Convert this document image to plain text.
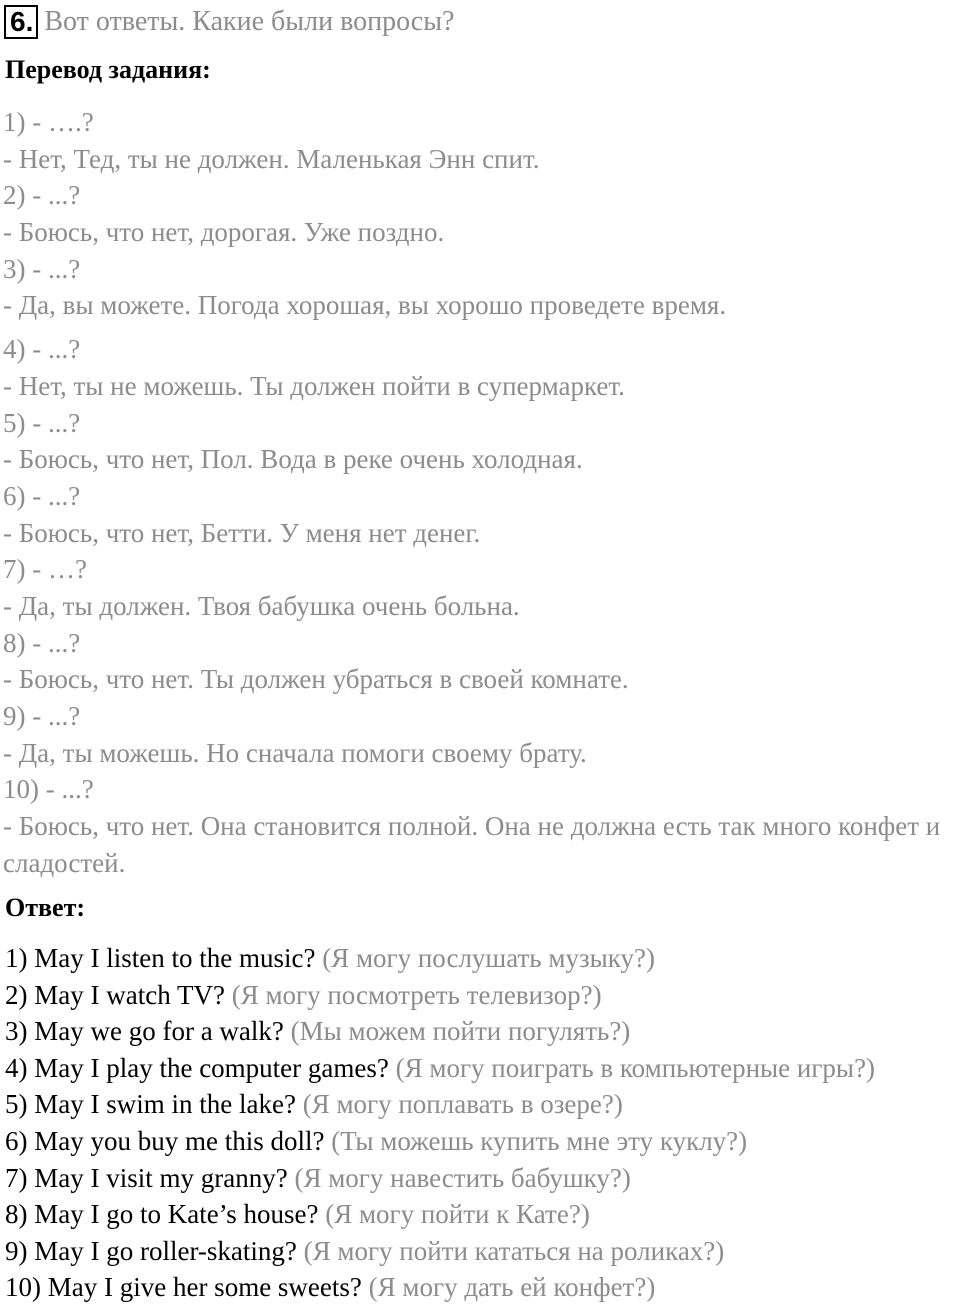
6. Вот ответы. Какие были вопросы?
Перевод задания:
1) - ….?
- Нет, Тед, ты не должен. Маленькая Энн спит.
2) - ...?
- Боюсь, что нет, дорогая. Уже поздно.
3) - ...?
- Да, вы можете. Погода хорошая, вы хорошо проведете время.
4) - ...?
- Нет, ты не можешь. Ты должен пойти в супермаркет.
5) - ...?
- Боюсь, что нет, Пол. Вода в реке очень холодная.
6) - ...?
- Боюсь, что нет, Бетти. У меня нет денег.
7) - …?
- Да, ты должен. Твоя бабушка очень больна.
8) - ...?
- Боюсь, что нет. Ты должен убраться в своей комнате.
9) - ...?
- Да, ты можешь. Но сначала помоги своему брату.
10) - ...?
- Боюсь, что нет. Она становится полной. Она не должна есть так много конфет и сладостей.
Ответ:
1) May I listen to the music? (Я могу послушать музыку?)
2) May I watch TV? (Я могу посмотреть телевизор?)
3) May we go for a walk? (Мы можем пойти погулять?)
4) May I play the computer games? (Я могу поиграть в компьютерные игры?)
5) May I swim in the lake? (Я могу поплавать в озере?)
6) May you buy me this doll? (Ты можешь купить мне эту куклу?)
7) May I visit my granny? (Я могу навестить бабушку?)
8) May I go to Kate’s house? (Я могу пойти к Кате?)
9) May I go roller-skating? (Я могу пойти кататься на роликах?)
10) May I give her some sweets? (Я могу дать ей конфет?)
